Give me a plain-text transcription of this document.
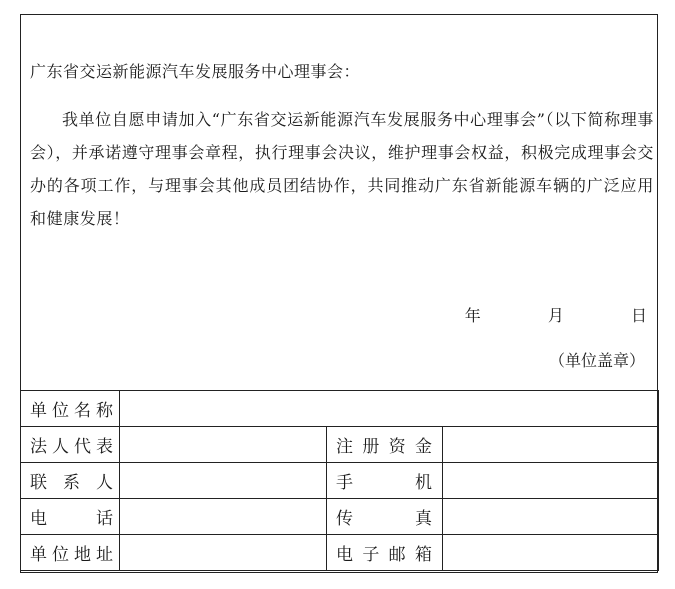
广东省交运新能源汽车发展服务中心理事会：
我单位自愿申请加入“广东省交运新能源汽车发展服务中心理事会”（以下简称理事会），并承诺遵守理事会章程，执行理事会决议，维护理事会权益，积极完成理事会交办的各项工作，与理事会其他成员团结协作，共同推动广东省新能源车辆的广泛应用和健康发展！
年	月	日
（单位盖章）
单 位 名 称			

法 人 代 表		注 册 资 金	

联 系 人		手 机	

电 话		传 真	

单 位 地 址		电 子 邮 箱	
